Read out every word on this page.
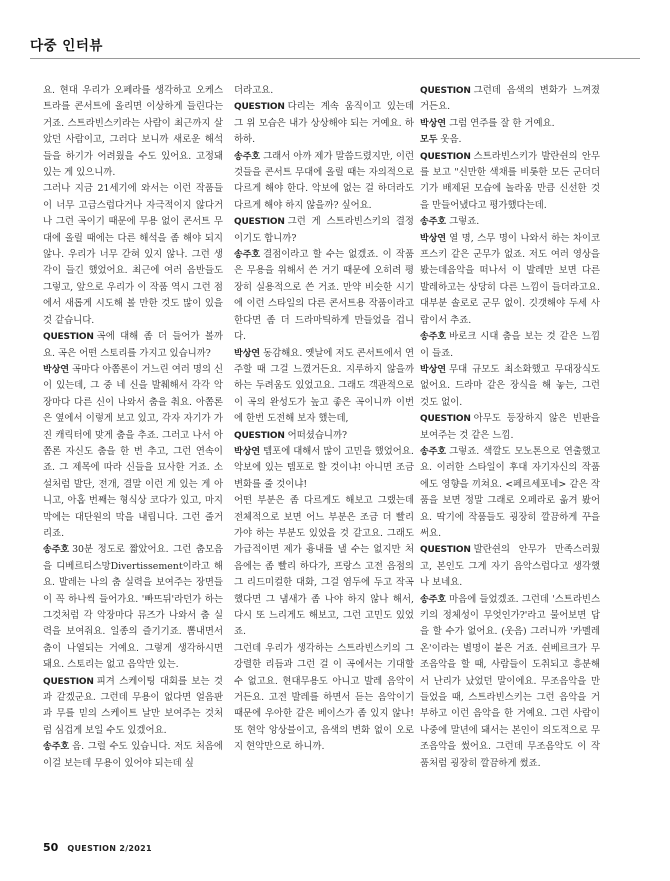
다중 인터뷰

요. 현대 우리가 오페라를 생각하고 오케스트라를 콘서트에 올리면 이상하게 들린다는 거죠. 스트라빈스키라는 사람이 최근까지 살았던 사람이고, 그러다 보니까 새로운 해석들을 하기가 어려웠을 수도 있어요. 고정돼 있는 게 있으니까.

그러나 지금 21세기에 와서는 이런 작품들이 너무 고급스럽다거나 자극적이지 않다거나 그런 곡이기 때문에 무용 없이 콘서트 무대에 올릴 때에는 다른 해석을 좀 해야 되지 않나. 우리가 너무 갇혀 있지 않나. 그런 생각이 들긴 했었어요. 최근에 여러 음반들도 그렇고, 앞으로 우리가 이 작품 역시 그런 점에서 새롭게 시도해 볼 만한 것도 많이 있을 것 같습니다.

QUESTION 곡에 대해 좀 더 들어가 볼까요. 곡은 어떤 스토리를 가지고 있습니까?

박상연 곡마다 아쫌론이 거느린 여러 명의 신이 있는데, 그 중 네 신을 발췌해서 각각 악장마다 다른 신이 나와서 춤을 춰요. 아쫌론은 옆에서 이렇게 보고 있고, 각자 자기가 가진 캐릭터에 맞게 춤을 추죠. 그러고 나서 아쫌론 자신도 춤을 한 번 추고, 그런 연속이죠. 그 제목에 따라 신들을 묘사한 거죠. 소설처럼 발단, 전개, 결말 이런 게 있는 게 아니고, 아홉 번째는 형식상 코다가 있고, 마지막에는 대단원의 막을 내립니다. 그런 줄거리죠.

송주호 30분 정도로 짧았어요. 그런 춤모음을 디베르티스망Divertissement이라고 해요. 발레는 나의 춤 실력을 보여주는 장면들이 꼭 하나씩 들어가요. '빠뜨뒤'라던가 하는 그것처럼 각 악장마다 뮤즈가 나와서 춤 실력을 보여줘요. 일종의 즐기기죠. 뽐내면서 춤이 나열되는 거예요. 그렇게 생각하시면 돼요. 스토리는 없고 음악만 있는.

QUESTION 피겨 스케이팅 대회를 보는 것과 같겠군요. 그런데 무용이 없다면 얼음판과 무를 믿의 스케이트 날만 보여주는 것처럼 심겁게 보일 수도 있겠어요.

송주호 음. 그럴 수도 있습니다. 저도 처음에 이걸 보는데 무용이 있어야 되는데 싶

더라고요.

QUESTION 다리는 계속 움직이고 있는데 그 위 모습은 내가 상상해야 되는 거예요. 하하하.

송주호 그래서 아까 제가 말씀드렸지만, 이런 것들을 콘서트 무대에 올릴 때는 자의적으로 다르게 해야 한다. 악보에 없는 걸 하더라도 다르게 해야 하지 않을까? 싶어요.

QUESTION 그런 게 스트라빈스키의 결정이기도 합니까?

송주호 결점이라고 할 수는 없겠죠. 이 작품은 무용을 위해서 쓴 거기 때문에 오히려 평장히 실용적으로 쓴 거죠. 만약 비슷한 시기에 이런 스타일의 다른 콘서트용 작품이라고 한다면 좀 더 드라마틱하게 만들었을 겁니다.

박상연 동감해요. 옛날에 저도 콘서트에서 연주할 때 그걸 느꼈거든요. 지루하지 않을까 하는 두려움도 있었고요. 그래도 객관적으로 이 곡의 완성도가 높고 좋은 곡이니까 이번에 한번 도전해 보자 했는데,

QUESTION 어떠셨습니까?

박상연 템포에 대해서 많이 고민을 했었어요.

악보에 있는 템포로 할 것이냐! 아니면 조금 변화를 줄 것이냐!

어떤 부분은 좀 다르게도 해보고 그랬는데 전체적으로 보면 어느 부분은 조금 더 빨리 가야 하는 부분도 있었을 것 같고요. 그래도 가급적이면 제가 흉내를 낼 수는 없지만 처음에는 좀 빨리 하다가, 프랑스 고전 음점의 그 리드미컬한 대화, 그걸 염두에 두고 작곡했다면 그 냄새가 좀 나야 하지 않나 해서, 다시 또 느리게도 해보고, 그런 고민도 있었죠.

그런데 우리가 생각하는 스트라빈스키의 그 강렬한 리듬과 그런 걸 이 곡에서는 기대할 수 없고요. 현대무용도 아니고 발레 음악이거든요. 고전 발레를 하면서 듣는 음악이기 때문에 우아한 같은 베이스가 좀 있지 않나! 또 현악 앙상블이고, 음색의 변화 없이 오로지 현악만으로 하니까.

QUESTION 그런데 음색의 변화가 느껴졌거든요.

박상연 그럼 연주를 잘 한 거예요.

모두 웃음.

QUESTION 스트라빈스키가 발란쉰의 안무를 보고 "신만한 색채를 비롯한 모든 군더더기가 배제된 모습에 놀라움 만큼 신선한 것을 만들어냈다고 평가했다는데.

송주호 그렇죠.

박상연 열 명, 스무 명이 나와서 하는 차이코프스키 같은 군무가 없죠. 저도 여러 영상을 봤는데음악을 떠나서 이 발레만 보면 다른 발레하고는 상당히 다른 느낌이 들더라고요. 대부분 솔로로 군무 없이. 깃갯해야 두세 사람이서 추죠.

송주호 바로크 시대 춤을 보는 것 같은 느낌이 들죠.

박상연 무대 규모도 최소화했고 무대장식도 없어요. 드라마 같은 장식을 해 놓는, 그런 것도 없이.

QUESTION 아무도 등장하지 않은 빈판을 보여주는 것 같은 느낌.

송주호 그렇죠. 색깔도 모노톤으로 연출했고요. 이러한 스타일이 후대 자기자신의 작품에도 영향을 끼쳐요. <페르세포네> 같은 작품을 보면 정말 그래로 오페라로 옮겨 봤어요. 딱기에 작품들도 굉장히 깔끔하게 꾸을 써요.

QUESTION 발란쉰의 안무가 만족스러웠고, 본인도 그게 자기 음악스럽다고 생각했나 보네요.

송주호 마음에 들었겠죠. 그런데 '스트라빈스키의 정체성이 무엇인가?'라고 물어보면 답을 할 수가 없어요. (웃음) 그러니까 '카멜레온'이라는 별명이 붙은 거죠. 쉰베르크가 무조음악을 할 때, 사람들이 도취되고 흥분해서 난리가 났었던 말이에요. 무조음악을 만들었을 때, 스트라빈스키는 그런 음악을 거부하고 이런 음악을 한 거예요. 그런 사람이 나중에 말년에 돼서는 본인이 의도적으로 무조음악을 썼어요. 그런데 무조음악도 이 작품처럼 굉장히 깔끔하게 썼죠.

50 QUESTION 2/2021
